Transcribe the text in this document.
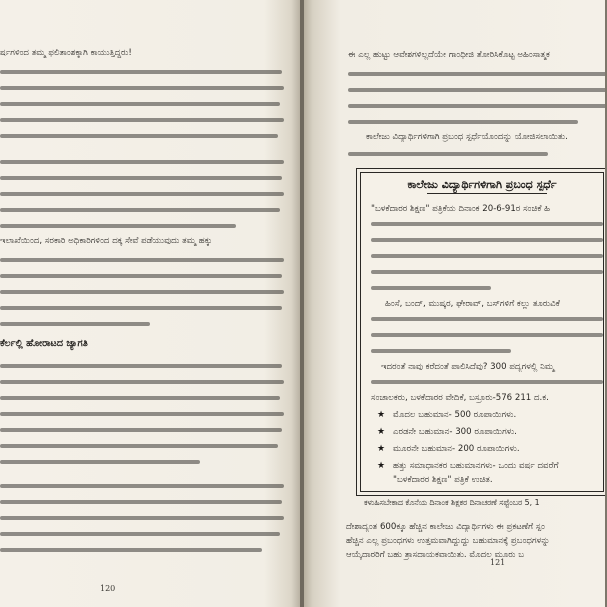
ರ್ಷಗಳಿಂದ ತಮ್ಮ ಫಲಿತಾಂಶಕ್ಕಾಗಿ ಕಾಯುತ್ತಿದ್ದರು!
ಇಲಾಖೆಯಿಂದ, ಸರಕಾರಿ ಅಧಿಕಾರಿಗಳಿಂದ ದಕ್ಕ ಸೇವೆ ಪಡೆಯುವುದು ತಮ್ಮ ಹಕ್ಕು
ಕೆರ್ಲಲ್ಲಿ ಹೋರಾಟದ ಜ್ಯಾಗತಿ
120
ಈ ಎಲ್ಲ ಹುಟ್ಟು ಆವೇಶಗಳಿಲ್ಲದೆಯೇ ಗಾಂಧೀಜಿ ತೋರಿಸಿಕೊಟ್ಟ ಅಹಿಂಸಾತ್ಮಕ
ಕಾಲೇಜು ವಿದ್ಯಾರ್ಥಿಗಳಿಗಾಗಿ ಪ್ರಬಂಧ ಸ್ಪರ್ಧೆಯೊಂದನ್ನು ಯೋಜಿಸಲಾಯಿತು.
121
ಕಾಲೇಜು ವಿದ್ಯಾರ್ಥಿಗಳಿಗಾಗಿ ಪ್ರಬಂಧ ಸ್ಪರ್ಧೆ
"ಬಳಕೆದಾರರ ಶಿಕ್ಷಣ" ಪತ್ರಿಕೆಯ ದಿನಾಂಕ 20-6-91ರ ಸಂಚಿಕೆ ಹಿ
ಹಿಂಸೆ, ಬಂದ್, ಮುಷ್ಕರ, ಘೇರಾವ್, ಬಸ್‌ಗಳಿಗೆ ಕಲ್ಲು ತೂರುವಿಕೆ
ಇದರಂತೆ ನಾವು ಕರೆದಂತೆ ಪಾಲಿಸಿದೆವು? 300 ಪದ್ಯಗಳಲ್ಲಿ ನಿಮ್ಮ
ಸಂಚಾಲಕರು, ಬಳಕೆದಾರರ ವೇದಿಕೆ, ಬಸ್ರೂರು-576 211 ದ.ಕ.
★ ಮೊದಲ ಬಹುಮಾನ- 500 ರೂಪಾಯಿಗಳು.
★ ಎರಡನೇ ಬಹುಮಾನ- 300 ರೂಪಾಯಿಗಳು.
★ ಮೂರನೇ ಬಹುಮಾನ- 200 ರೂಪಾಯಿಗಳು.
★ ಹತ್ತು ಸಮಾಧಾನಕರ ಬಹುಮಾನಗಳು- ಒಂದು ವರ್ಷ ದವರೆಗೆ
"ಬಳಕೆದಾರರ ಶಿಕ್ಷಣ" ಪತ್ರಿಕೆ ಉಚಿತ.
ಕಳುಹಿಸಬೇಕಾದ ಕೊನೆಯ ದಿನಾಂಕ ಶಿಕ್ಷಕರ ದಿನಾಚರಣೆ ಸಪ್ಟೆಂಬರ 5, 1
ದೇಶಾದ್ಯಂತ 600ಕ್ಕೂ ಹೆಚ್ಚಿನ ಕಾಲೇಜು ವಿದ್ಯಾರ್ಥಿಗಳು ಈ ಪ್ರಕಟಣೆಗೆ ಸ್ಪಂ
ಹೆಚ್ಚಿನ ಎಲ್ಲ ಪ್ರಬಂಧಗಳು ಉತ್ತಮವಾಗಿದ್ದುದ್ದು ಬಹುಮಾನಕ್ಕೆ ಪ್ರಬಂಧಗಳನ್ನು
ಆಯ್ಕೆದಾರರಿಗೆ ಬಹು ತ್ರಾಸದಾಯಕವಾಯಿತು. ಮೊದಲ ಮೂರು ಬ
